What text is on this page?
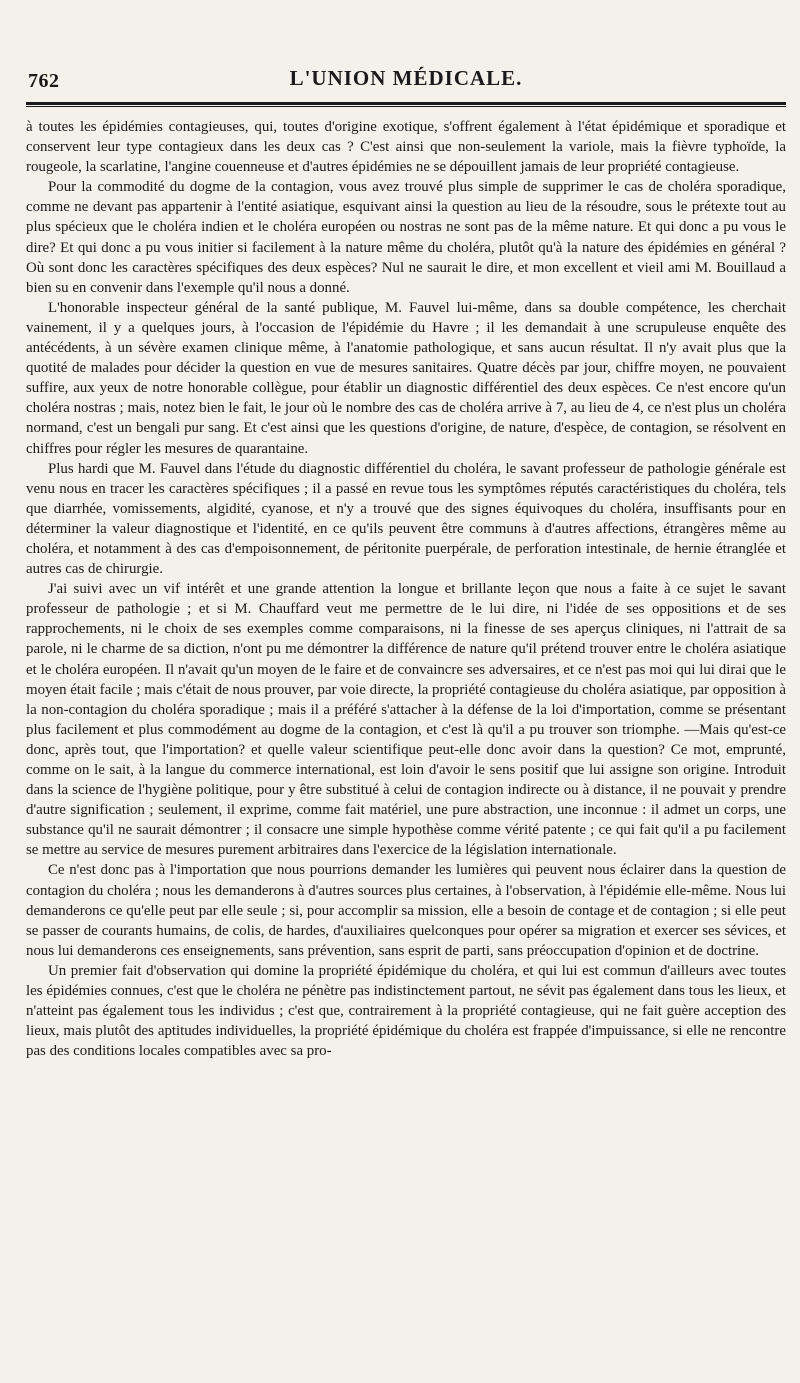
762	L'UNION MÉDICALE.

à toutes les épidémies contagieuses, qui, toutes d'origine exotique, s'offrent également à l'état épidémique et sporadique et conservent leur type contagieux dans les deux cas ? C'est ainsi que non-seulement la variole, mais la fièvre typhoïde, la rougeole, la scarlatine, l'angine couenneuse et d'autres épidémies ne se dépouillent jamais de leur propriété contagieuse.

Pour la commodité du dogme de la contagion, vous avez trouvé plus simple de supprimer le cas de choléra sporadique, comme ne devant pas appartenir à l'entité asiatique, esquivant ainsi la question au lieu de la résoudre, sous le prétexte tout au plus spécieux que le choléra indien et le choléra européen ou nostras ne sont pas de la même nature. Et qui donc a pu vous le dire? Et qui donc a pu vous initier si facilement à la nature même du choléra, plutôt qu'à la nature des épidémies en général ? Où sont donc les caractères spécifiques des deux espèces? Nul ne saurait le dire, et mon excellent et vieil ami M. Bouillaud a bien su en convenir dans l'exemple qu'il nous a donné.

L'honorable inspecteur général de la santé publique, M. Fauvel lui-même, dans sa double compétence, les cherchait vainement, il y a quelques jours, à l'occasion de l'épidémie du Havre ; il les demandait à une scrupuleuse enquête des antécédents, à un sévère examen clinique même, à l'anatomie pathologique, et sans aucun résultat. Il n'y avait plus que la quotité de malades pour décider la question en vue de mesures sanitaires. Quatre décès par jour, chiffre moyen, ne pouvaient suffire, aux yeux de notre honorable collègue, pour établir un diagnostic différentiel des deux espèces. Ce n'est encore qu'un choléra nostras ; mais, notez bien le fait, le jour où le nombre des cas de choléra arrive à 7, au lieu de 4, ce n'est plus un choléra normand, c'est un bengali pur sang. Et c'est ainsi que les questions d'origine, de nature, d'espèce, de contagion, se résolvent en chiffres pour régler les mesures de quarantaine.

Plus hardi que M. Fauvel dans l'étude du diagnostic différentiel du choléra, le savant professeur de pathologie générale est venu nous en tracer les caractères spécifiques ; il a passé en revue tous les symptômes réputés caractéristiques du choléra, tels que diarrhée, vomissements, algidité, cyanose, et n'y a trouvé que des signes équivoques du choléra, insuffisants pour en déterminer la valeur diagnostique et l'identité, en ce qu'ils peuvent être communs à d'autres affections, étrangères même au choléra, et notamment à des cas d'empoisonnement, de péritonite puerpérale, de perforation intestinale, de hernie étranglée et autres cas de chirurgie.

J'ai suivi avec un vif intérêt et une grande attention la longue et brillante leçon que nous a faite à ce sujet le savant professeur de pathologie ; et si M. Chauffard veut me permettre de le lui dire, ni l'idée de ses oppositions et de ses rapprochements, ni le choix de ses exemples comme comparaisons, ni la finesse de ses aperçus cliniques, ni l'attrait de sa parole, ni le charme de sa diction, n'ont pu me démontrer la différence de nature qu'il prétend trouver entre le choléra asiatique et le choléra européen. Il n'avait qu'un moyen de le faire et de convaincre ses adversaires, et ce n'est pas moi qui lui dirai que le moyen était facile ; mais c'était de nous prouver, par voie directe, la propriété contagieuse du choléra asiatique, par opposition à la non-contagion du choléra sporadique ; mais il a préféré s'attacher à la défense de la loi d'importation, comme se présentant plus facilement et plus commodément au dogme de la contagion, et c'est là qu'il a pu trouver son triomphe. —Mais qu'est-ce donc, après tout, que l'importation? et quelle valeur scientifique peut-elle donc avoir dans la question? Ce mot, emprunté, comme on le sait, à la langue du commerce international, est loin d'avoir le sens positif que lui assigne son origine. Introduit dans la science de l'hygiène politique, pour y être substitué à celui de contagion indirecte ou à distance, il ne pouvait y prendre d'autre signification ; seulement, il exprime, comme fait matériel, une pure abstraction, une inconnue : il admet un corps, une substance qu'il ne saurait démontrer ; il consacre une simple hypothèse comme vérité patente ; ce qui fait qu'il a pu facilement se mettre au service de mesures purement arbitraires dans l'exercice de la législation internationale.

Ce n'est donc pas à l'importation que nous pourrions demander les lumières qui peuvent nous éclairer dans la question de contagion du choléra ; nous les demanderons à d'autres sources plus certaines, à l'observation, à l'épidémie elle-même. Nous lui demanderons ce qu'elle peut par elle seule ; si, pour accomplir sa mission, elle a besoin de contage et de contagion ; si elle peut se passer de courants humains, de colis, de hardes, d'auxiliaires quelconques pour opérer sa migration et exercer ses sévices, et nous lui demanderons ces enseignements, sans prévention, sans esprit de parti, sans préoccupation d'opinion et de doctrine.

Un premier fait d'observation qui domine la propriété épidémique du choléra, et qui lui est commun d'ailleurs avec toutes les épidémies connues, c'est que le choléra ne pénètre pas indistinctement partout, ne sévit pas également dans tous les lieux, et n'atteint pas également tous les individus ; c'est que, contrairement à la propriété contagieuse, qui ne fait guère acception des lieux, mais plutôt des aptitudes individuelles, la propriété épidémique du choléra est frappée d'impuissance, si elle ne rencontre pas des conditions locales compatibles avec sa pro-
